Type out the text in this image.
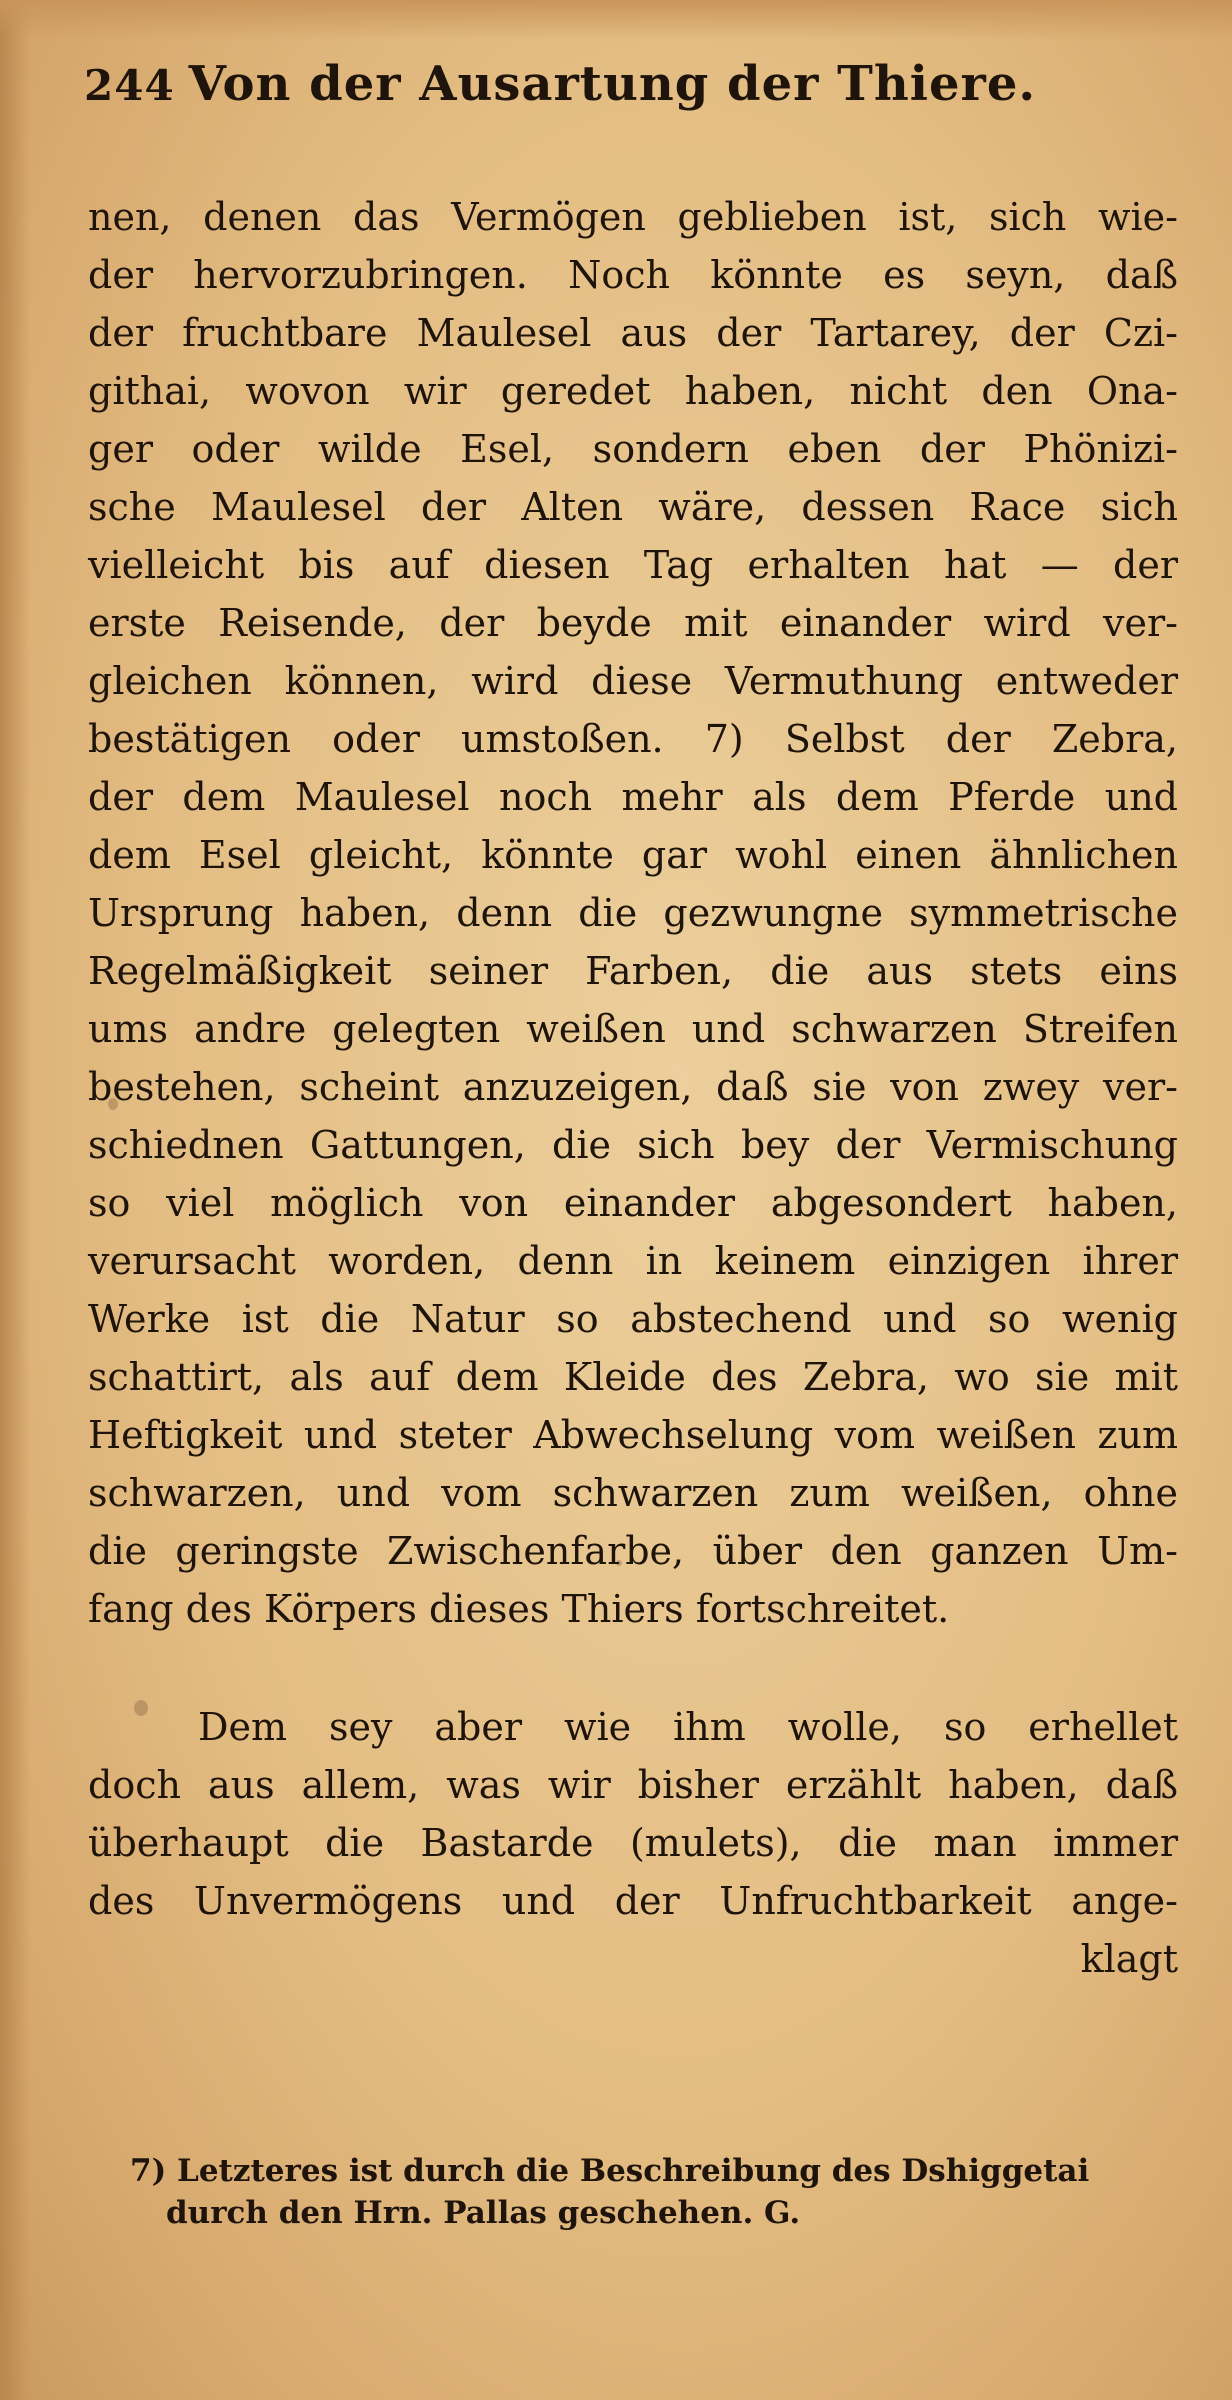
244 Von der Ausartung der Thiere.
nen, denen das Vermögen geblieben ist, sich wie-
der hervorzubringen. Noch könnte es seyn, daß
der fruchtbare Maulesel aus der Tartarey, der Czi-
githai, wovon wir geredet haben, nicht den Ona-
ger oder wilde Esel, sondern eben der Phönizi-
sche Maulesel der Alten wäre, dessen Race sich
vielleicht bis auf diesen Tag erhalten hat — der
erste Reisende, der beyde mit einander wird ver-
gleichen können, wird diese Vermuthung entweder
bestätigen oder umstoßen. 7) Selbst der Zebra,
der dem Maulesel noch mehr als dem Pferde und
dem Esel gleicht, könnte gar wohl einen ähnlichen
Ursprung haben, denn die gezwungne symmetrische
Regelmäßigkeit seiner Farben, die aus stets eins
ums andre gelegten weißen und schwarzen Streifen
bestehen, scheint anzuzeigen, daß sie von zwey ver-
schiednen Gattungen, die sich bey der Vermischung
so viel möglich von einander abgesondert haben,
verursacht worden, denn in keinem einzigen ihrer
Werke ist die Natur so abstechend und so wenig
schattirt, als auf dem Kleide des Zebra, wo sie mit
Heftigkeit und steter Abwechselung vom weißen zum
schwarzen, und vom schwarzen zum weißen, ohne
die geringste Zwischenfarbe, über den ganzen Um-
fang des Körpers dieses Thiers fortschreitet.
Dem sey aber wie ihm wolle, so erhellet
doch aus allem, was wir bisher erzählt haben, daß
überhaupt die Bastarde (mulets), die man immer
des Unvermögens und der Unfruchtbarkeit ange-
klagt
7) Letzteres ist durch die Beschreibung des Dshiggetai
durch den Hrn. Pallas geschehen. G.
